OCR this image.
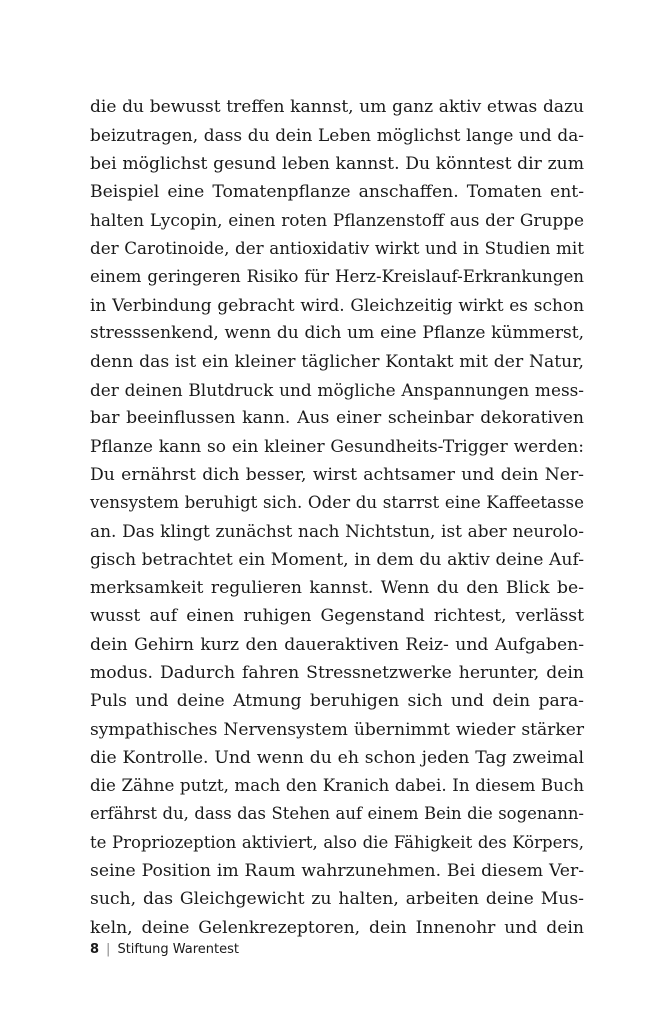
die du bewusst treffen kannst, um ganz aktiv etwas dazu
beizutragen, dass du dein Leben möglichst lange und da-
bei möglichst gesund leben kannst. Du könntest dir zum
Beispiel eine Tomatenpflanze anschaffen. Tomaten ent-
halten Lycopin, einen roten Pflanzenstoff aus der Gruppe
der Carotinoide, der antioxidativ wirkt und in Studien mit
einem geringeren Risiko für Herz-Kreislauf-Erkrankungen
in Verbindung gebracht wird. Gleichzeitig wirkt es schon
stresssenkend, wenn du dich um eine Pflanze kümmerst,
denn das ist ein kleiner täglicher Kontakt mit der Natur,
der deinen Blutdruck und mögliche Anspannungen mess-
bar beeinflussen kann. Aus einer scheinbar dekorativen
Pflanze kann so ein kleiner Gesundheits-Trigger werden:
Du ernährst dich besser, wirst achtsamer und dein Ner-
vensystem beruhigt sich. Oder du starrst eine Kaffeetasse
an. Das klingt zunächst nach Nichtstun, ist aber neurolo-
gisch betrachtet ein Moment, in dem du aktiv deine Auf-
merksamkeit regulieren kannst. Wenn du den Blick be-
wusst auf einen ruhigen Gegenstand richtest, verlässt
dein Gehirn kurz den daueraktiven Reiz- und Aufgaben-
modus. Dadurch fahren Stressnetzwerke herunter, dein
Puls und deine Atmung beruhigen sich und dein para-
sympathisches Nervensystem übernimmt wieder stärker
die Kontrolle. Und wenn du eh schon jeden Tag zweimal
die Zähne putzt, mach den Kranich dabei. In diesem Buch
erfährst du, dass das Stehen auf einem Bein die sogenann-
te Propriozeption aktiviert, also die Fähigkeit des Körpers,
seine Position im Raum wahrzunehmen. Bei diesem Ver-
such, das Gleichgewicht zu halten, arbeiten deine Mus-
keln, deine Gelenkrezeptoren, dein Innenohr und dein
8 | Stiftung Warentest
